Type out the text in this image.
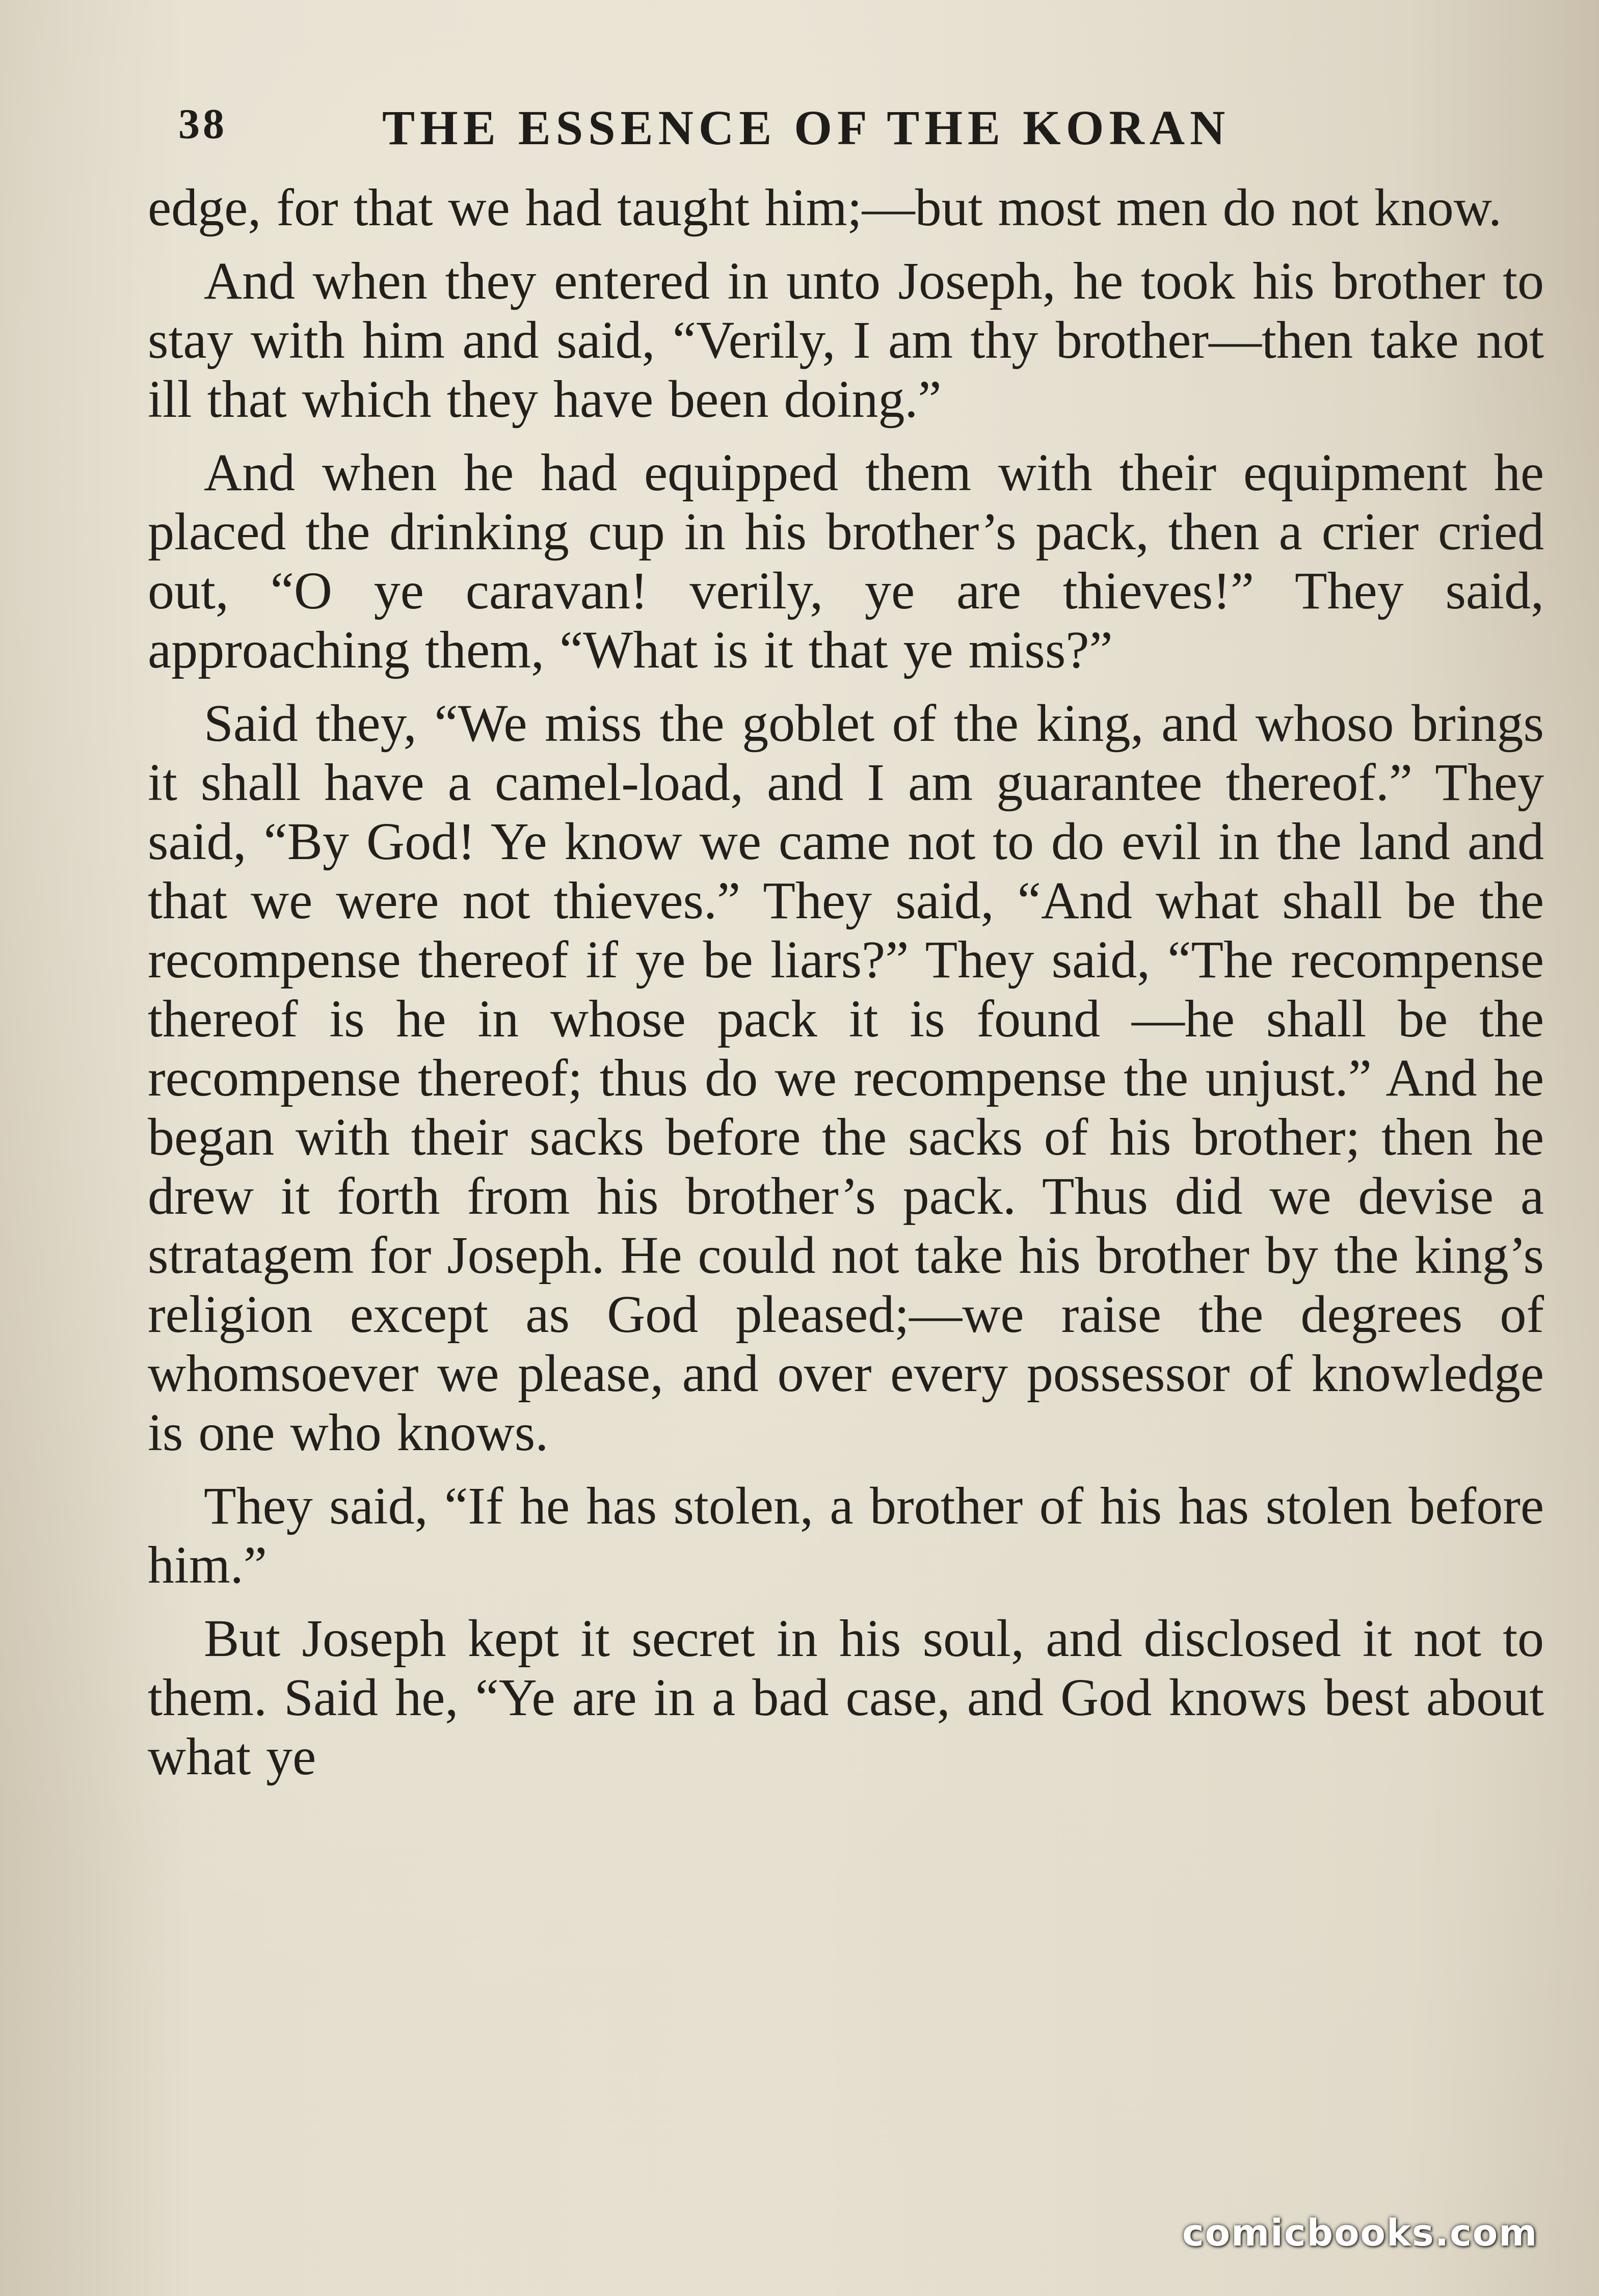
38	THE ESSENCE OF THE KORAN

edge, for that we had taught him;—but most men do not know.

And when they entered in unto Joseph, he took his brother to stay with him and said, “Verily, I am thy brother—then take not ill that which they have been doing.”

And when he had equipped them with their equipment he placed the drinking cup in his brother’s pack, then a crier cried out, “O ye caravan! verily, ye are thieves!” They said, approaching them, “What is it that ye miss?”

Said they, “We miss the goblet of the king, and whoso brings it shall have a camel-load, and I am guarantee thereof.” They said, “By God! Ye know we came not to do evil in the land and that we were not thieves.” They said, “And what shall be the recompense thereof if ye be liars?” They said, “The recompense thereof is he in whose pack it is found —he shall be the recompense thereof; thus do we recompense the unjust.” And he began with their sacks before the sacks of his brother; then he drew it forth from his brother’s pack. Thus did we devise a stratagem for Joseph. He could not take his brother by the king’s religion except as God pleased;—we raise the degrees of whomsoever we please, and over every possessor of knowledge is one who knows.

They said, “If he has stolen, a brother of his has stolen before him.”

But Joseph kept it secret in his soul, and disclosed it not to them. Said he, “Ye are in a bad case, and God knows best about what ye

comicbooks.com
